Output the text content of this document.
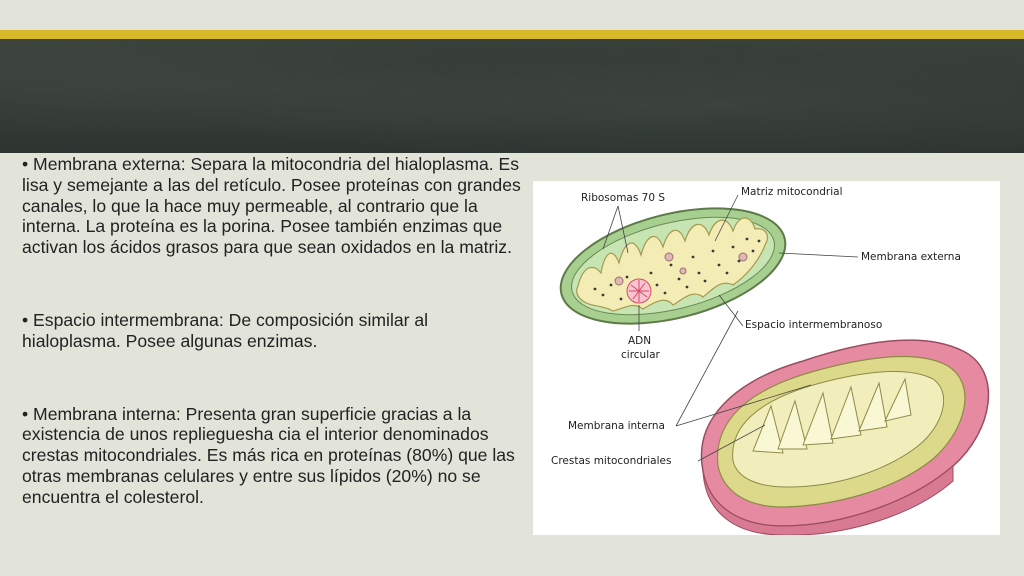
• Membrana externa: Separa la mitocondria del hialoplasma. Es lisa y semejante a las del retículo. Posee proteínas con grandes canales, lo que la hace muy permeable, al contrario que la interna. La proteína es la porina. Posee también enzimas que activan los ácidos grasos para que sean oxidados en la matriz.

• Espacio intermembrana: De composición similar al hialoplasma. Posee algunas enzimas.

• Membrana interna: Presenta gran superficie gracias a la existencia de unos replieguesha cia el interior denominados crestas mitocondriales. Es más rica en proteínas (80%) que las otras membranas celulares y entre sus lípidos (20%) no se encuentra el colesterol.

Ribosomas 70 S	Matriz mitocondrial
Membrana externa
Espacio intermembranoso
ADN
circular
Membrana interna
Crestas mitocondriales
